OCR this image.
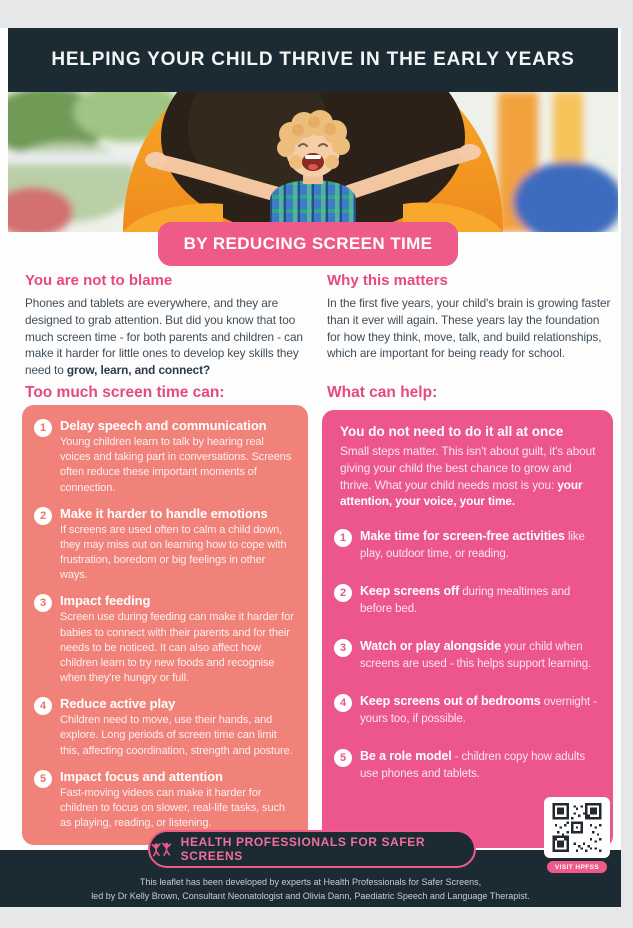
HELPING YOUR CHILD THRIVE IN THE EARLY YEARS
BY REDUCING SCREEN TIME
You are not to blame

Phones and tablets are everywhere, and they are designed to grab attention. But did you know that too much screen time - for both parents and children - can make it harder for little ones to develop key skills they need to grow, learn, and connect?

Why this matters

In the first five years, your child's brain is growing faster than it ever will again. These years lay the foundation for how they think, move, talk, and build relationships, which are important for being ready for school.

Too much screen time can:	What can help:
1	Delay speech and communication
Young children learn to talk by hearing real voices and taking part in conversations. Screens often reduce these important moments of connection.
2	Make it harder to handle emotions
If screens are used often to calm a child down, they may miss out on learning how to cope with frustration, boredom or big feelings in other ways.
3	Impact feeding
Screen use during feeding can make it harder for babies to connect with their parents and for their needs to be noticed. It can also affect how children learn to try new foods and recognise when they're hungry or full.
4	Reduce active play
Children need to move, use their hands, and explore. Long periods of screen time can limit this, affecting coordination, strength and posture.
5	Impact focus and attention
Fast-moving videos can make it harder for children to focus on slower, real-life tasks, such as playing, reading, or listening.
You do not need to do it all at once

Small steps matter. This isn't about guilt, it's about giving your child the best chance to grow and thrive. What your child needs most is you: your attention, your voice, your time.

1	Make time for screen-free activities like play, outdoor time, or reading.

2	Keep screens off during mealtimes and before bed.

3	Watch or play alongside your child when screens are used - this helps support learning.

4	Keep screens out of bedrooms overnight - yours too, if possible.

5	Be a role model - children copy how adults use phones and tablets.

HEALTH PROFESSIONALS FOR SAFER SCREENS
This leaflet has been developed by experts at Health Professionals for Safer Screens,
led by Dr Kelly Brown, Consultant Neonatologist and Olivia Dann, Paediatric Speech and Language Therapist.
VISIT HPFSS
